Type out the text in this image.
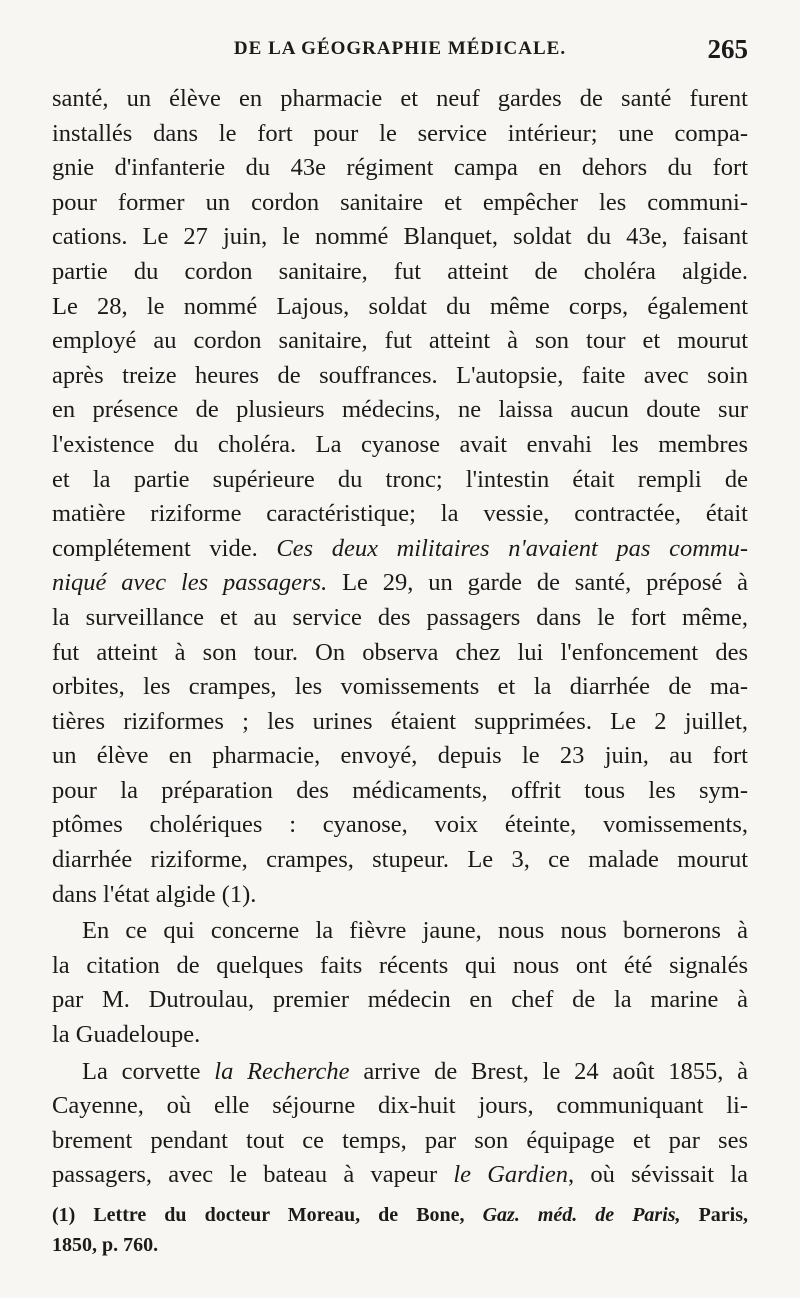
DE LA GÉOGRAPHIE MÉDICALE.	265

santé, un élève en pharmacie et neuf gardes de santé furent
installés dans le fort pour le service intérieur; une compa-
gnie d'infanterie du 43e régiment campa en dehors du fort
pour former un cordon sanitaire et empêcher les communi-
cations. Le 27 juin, le nommé Blanquet, soldat du 43e, faisant
partie du cordon sanitaire, fut atteint de choléra algide.
Le 28, le nommé Lajous, soldat du même corps, également
employé au cordon sanitaire, fut atteint à son tour et mourut
après treize heures de souffrances. L'autopsie, faite avec soin
en présence de plusieurs médecins, ne laissa aucun doute sur
l'existence du choléra. La cyanose avait envahi les membres
et la partie supérieure du tronc; l'intestin était rempli de
matière riziforme caractéristique; la vessie, contractée, était
complétement vide. Ces deux militaires n'avaient pas commu-
niqué avec les passagers. Le 29, un garde de santé, préposé à
la surveillance et au service des passagers dans le fort même,
fut atteint à son tour. On observa chez lui l'enfoncement des
orbites, les crampes, les vomissements et la diarrhée de ma-
tières riziformes ; les urines étaient supprimées. Le 2 juillet,
un élève en pharmacie, envoyé, depuis le 23 juin, au fort
pour la préparation des médicaments, offrit tous les sym-
ptômes cholériques : cyanose, voix éteinte, vomissements,
diarrhée riziforme, crampes, stupeur. Le 3, ce malade mourut
dans l'état algide (1).

En ce qui concerne la fièvre jaune, nous nous bornerons à
la citation de quelques faits récents qui nous ont été signalés
par M. Dutroulau, premier médecin en chef de la marine à
la Guadeloupe.

La corvette la Recherche arrive de Brest, le 24 août 1855, à
Cayenne, où elle séjourne dix-huit jours, communiquant li-
brement pendant tout ce temps, par son équipage et par ses
passagers, avec le bateau à vapeur le Gardien, où sévissait la

(1) Lettre du docteur Moreau, de Bone, Gaz. méd. de Paris, Paris,
1850, p. 760.
